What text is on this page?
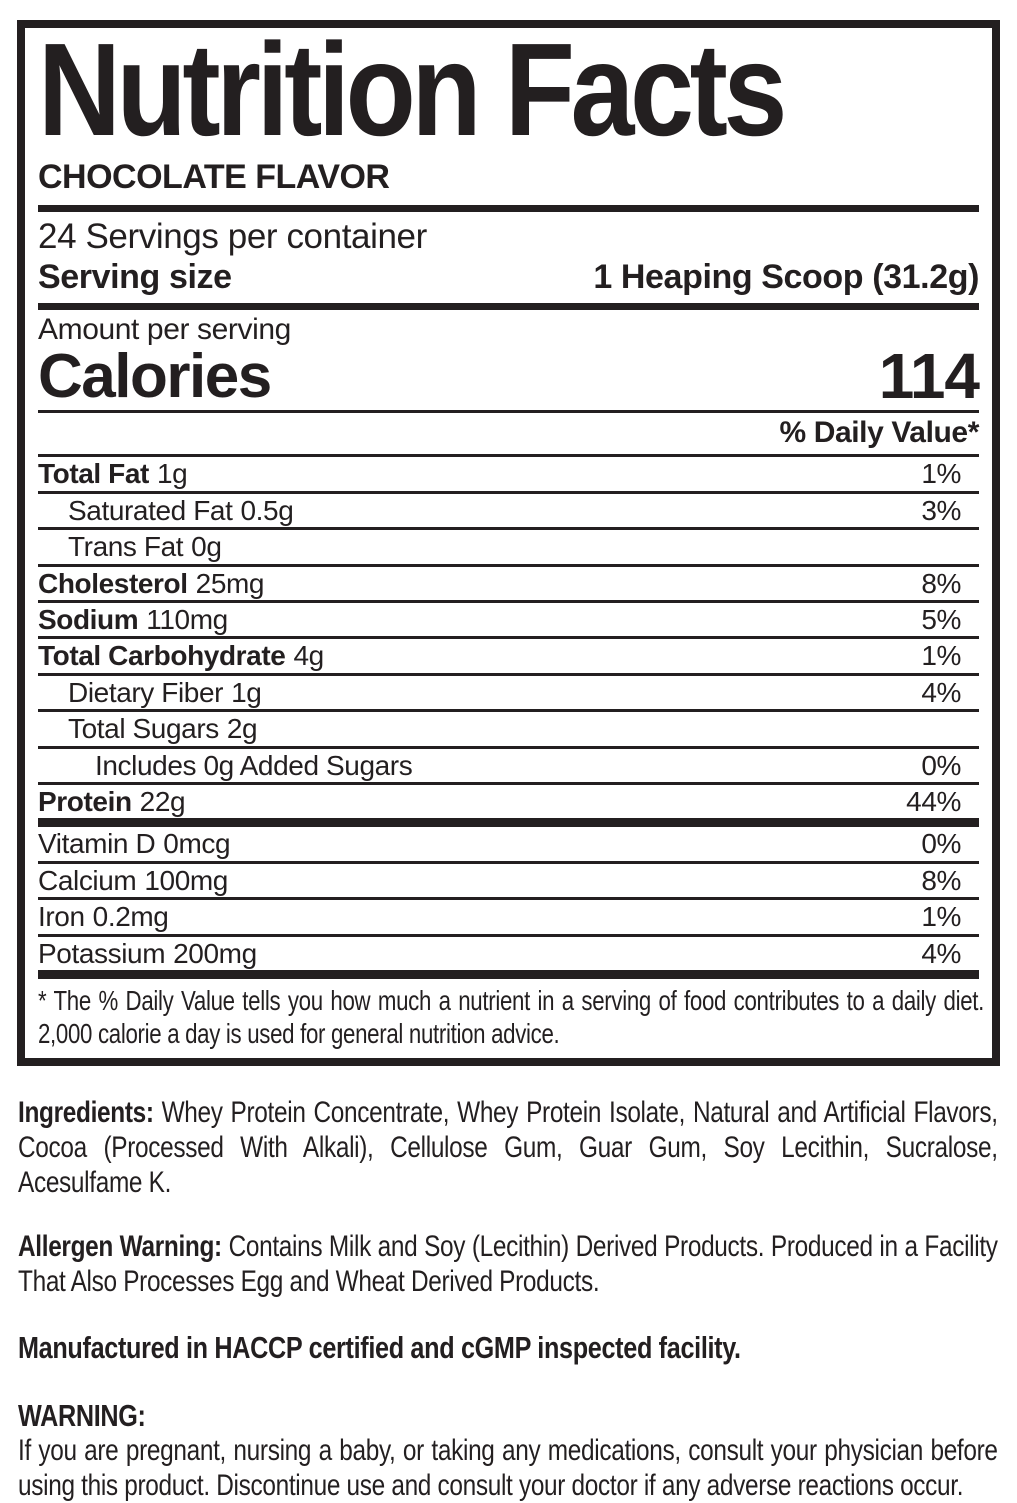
Nutrition Facts
CHOCOLATE FLAVOR
24 Servings per container
Serving size	1 Heaping Scoop (31.2g)
Amount per serving
Calories	114
% Daily Value*
Total Fat 1g	1%
Saturated Fat 0.5g	3%
Trans Fat 0g
Cholesterol 25mg	8%
Sodium 110mg	5%
Total Carbohydrate 4g	1%
Dietary Fiber 1g	4%
Total Sugars 2g
Includes 0g Added Sugars	0%
Protein 22g	44%
Vitamin D 0mcg	0%
Calcium 100mg	8%
Iron 0.2mg	1%
Potassium 200mg	4%
* The % Daily Value tells you how much a nutrient in a serving of food contributes to a daily diet. 2,000 calorie a day is used for general nutrition advice.

Ingredients: Whey Protein Concentrate, Whey Protein Isolate, Natural and Artificial Flavors, Cocoa (Processed With Alkali), Cellulose Gum, Guar Gum, Soy Lecithin, Sucralose, Acesulfame K.

Allergen Warning: Contains Milk and Soy (Lecithin) Derived Products. Produced in a Facility That Also Processes Egg and Wheat Derived Products.

Manufactured in HACCP certified and cGMP inspected facility.

WARNING:

If you are pregnant, nursing a baby, or taking any medications, consult your physician before using this product. Discontinue use and consult your doctor if any adverse reactions occur.
